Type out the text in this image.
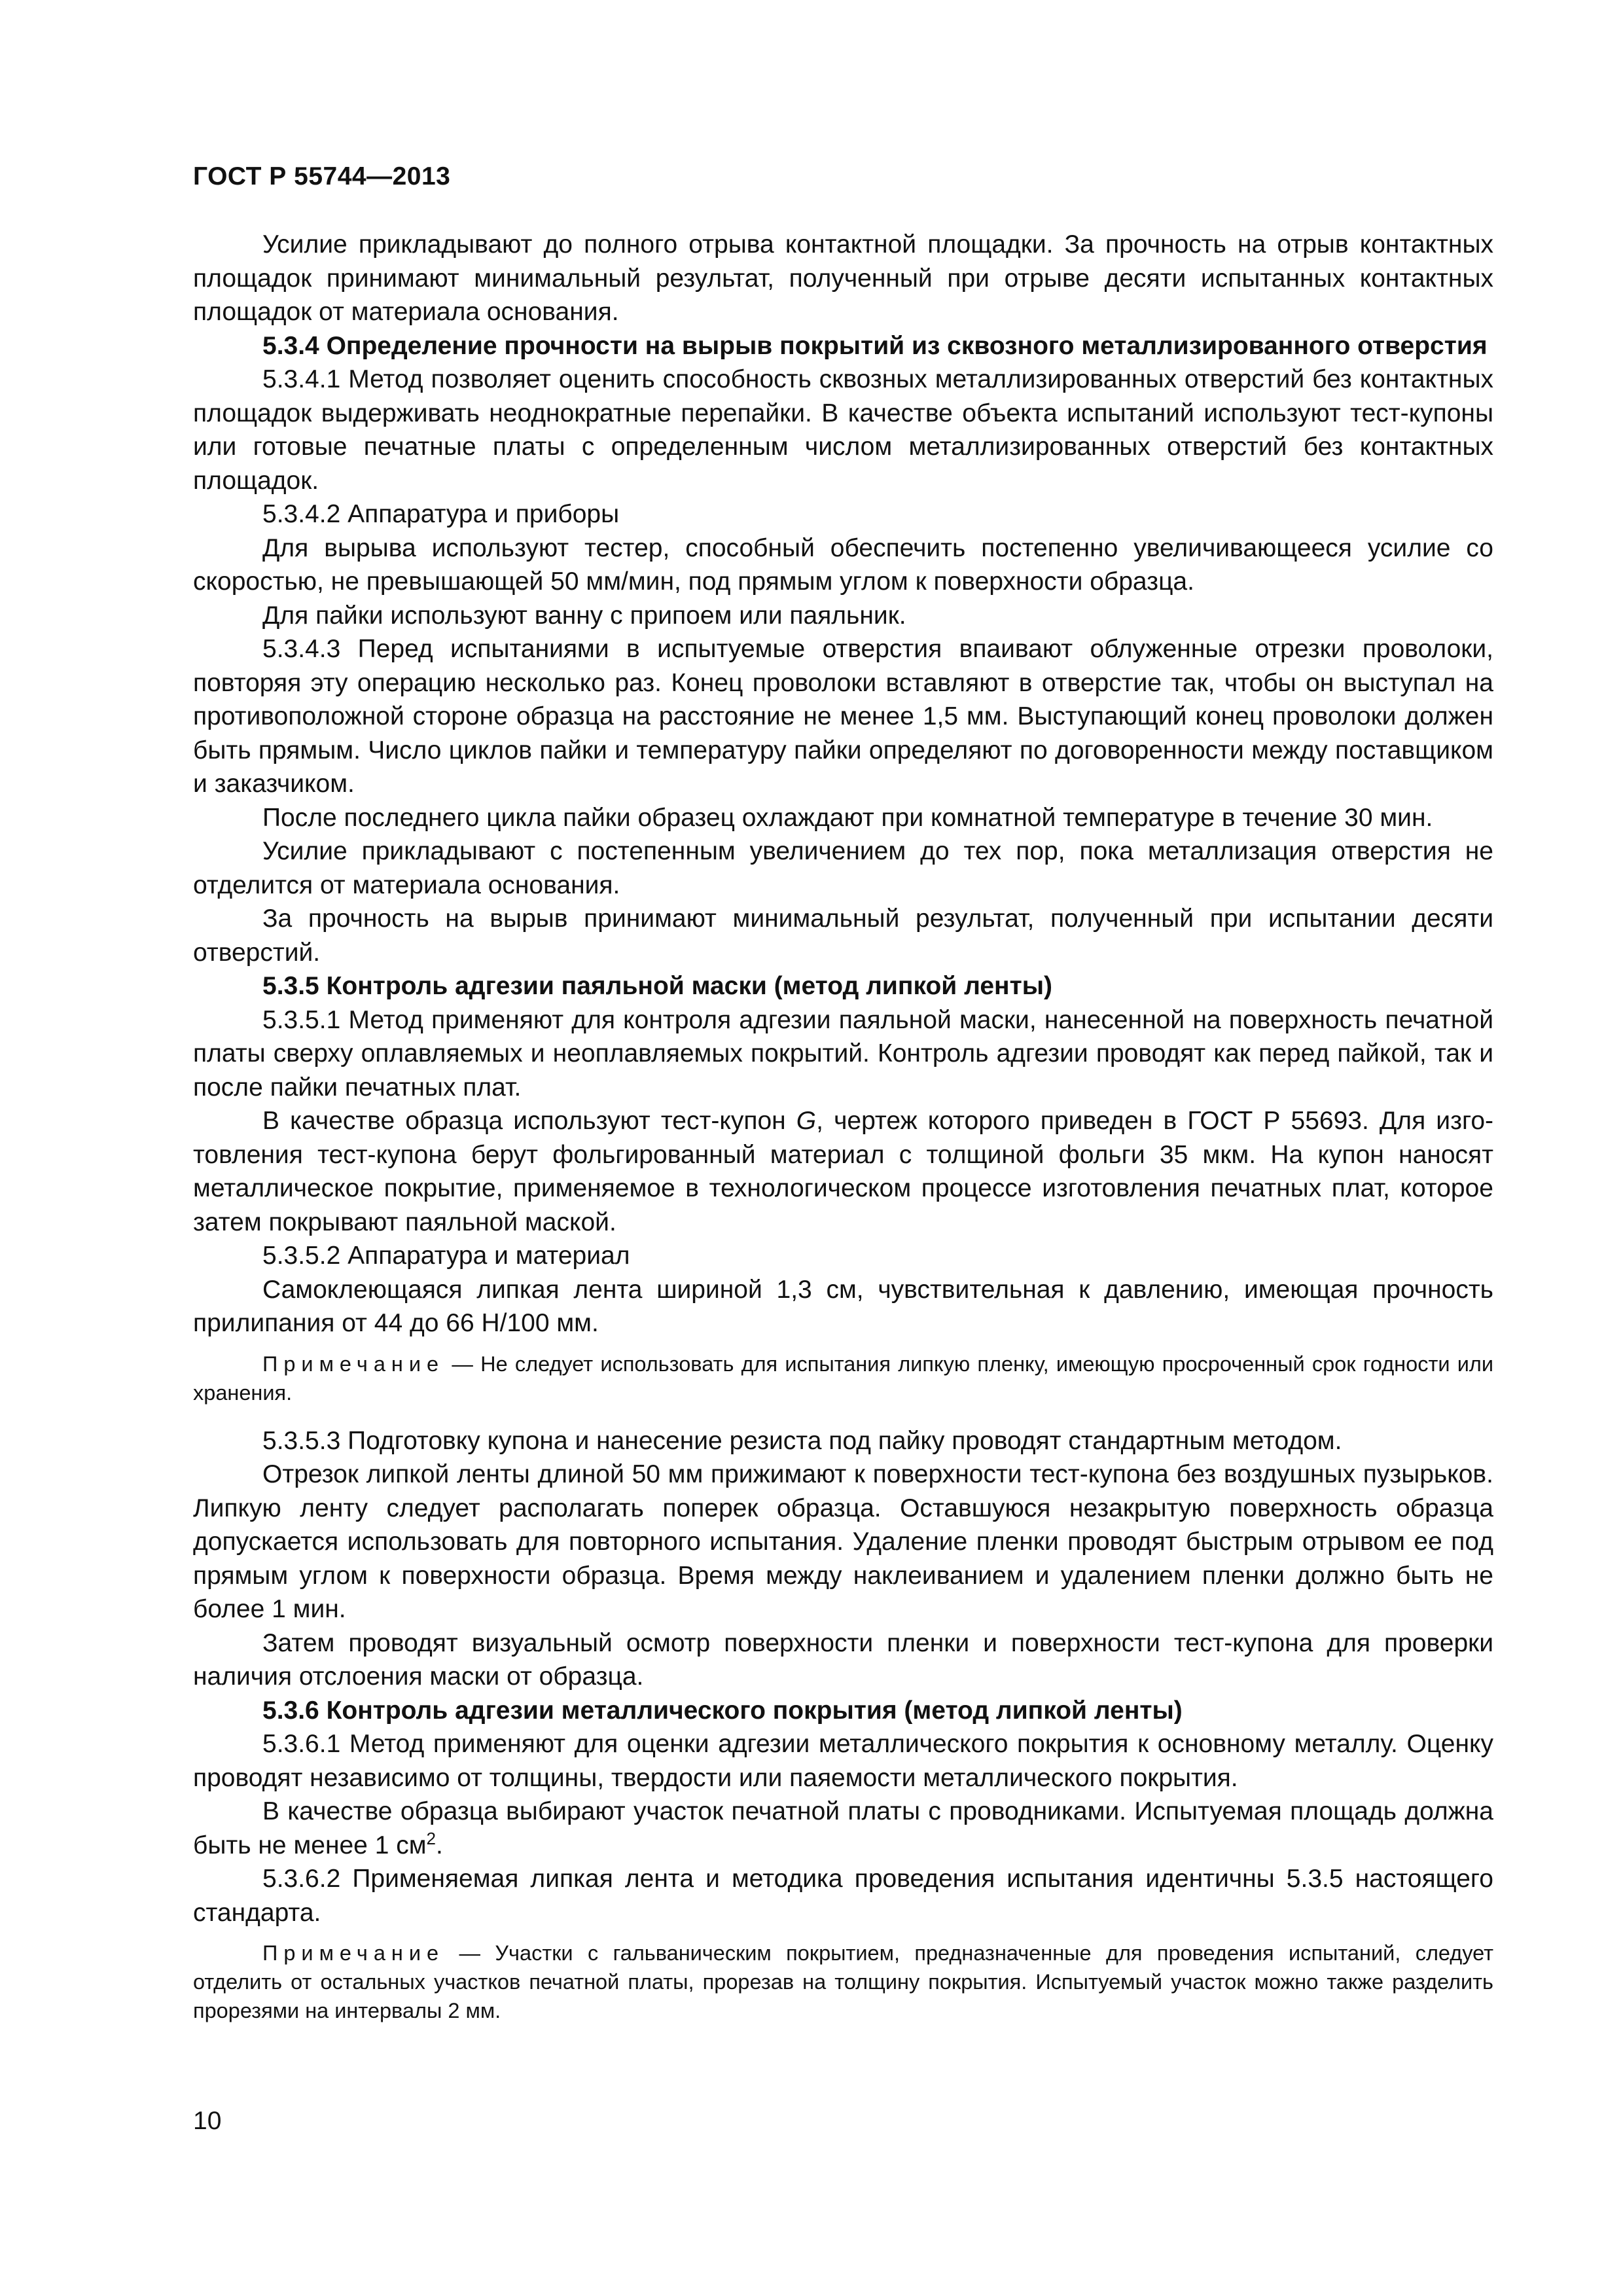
ГОСТ Р 55744—2013

Усилие прикладывают до полного отрыва контактной площадки. За прочность на отрыв контактных площадок принимают минимальный результат, полученный при отрыве десяти испытанных контактных площадок от материала основания.

5.3.4 Определение прочности на вырыв покрытий из сквозного металлизированного отверстия

5.3.4.1 Метод позволяет оценить способность сквозных металлизированных отверстий без контактных площадок выдерживать неоднократные перепайки. В качестве объекта испытаний используют тест-купоны или готовые печатные платы с определенным числом металлизированных отверстий без контактных площадок.

5.3.4.2 Аппаратура и приборы

Для вырыва используют тестер, способный обеспечить постепенно увеличивающееся усилие со скоростью, не превышающей 50 мм/мин, под прямым углом к поверхности образца.

Для пайки используют ванну с припоем или паяльник.

5.3.4.3 Перед испытаниями в испытуемые отверстия впаивают облуженные отрезки проволоки, повторяя эту операцию несколько раз. Конец проволоки вставляют в отверстие так, чтобы он выступал на противоположной стороне образца на расстояние не менее 1,5 мм. Выступающий конец проволоки должен быть прямым. Число циклов пайки и температуру пайки определяют по договоренности между поставщиком и заказчиком.

После последнего цикла пайки образец охлаждают при комнатной температуре в течение 30 мин.

Усилие прикладывают с постепенным увеличением до тех пор, пока металлизация отверстия не отделится от материала основания.

За прочность на вырыв принимают минимальный результат, полученный при испытании десяти отверстий.

5.3.5 Контроль адгезии паяльной маски (метод липкой ленты)

5.3.5.1 Метод применяют для контроля адгезии паяльной маски, нанесенной на поверхность печатной платы сверху оплавляемых и неоплавляемых покрытий. Контроль адгезии проводят как перед пайкой, так и после пайки печатных плат.

В качестве образца используют тест-купон G, чертеж которого приведен в ГОСТ Р 55693. Для изготовления тест-купона берут фольгированный материал с толщиной фольги 35 мкм. На купон наносят металлическое покрытие, применяемое в технологическом процессе изготовления печатных плат, которое затем покрывают паяльной маской.

5.3.5.2 Аппаратура и материал

Самоклеющаяся липкая лента шириной 1,3 см, чувствительная к давлению, имеющая прочность прилипания от 44 до 66 Н/100 мм.

Примечание — Не следует использовать для испытания липкую пленку, имеющую просроченный срок годности или хранения.

5.3.5.3 Подготовку купона и нанесение резиста под пайку проводят стандартным методом.

Отрезок липкой ленты длиной 50 мм прижимают к поверхности тест-купона без воздушных пузырьков. Липкую ленту следует располагать поперек образца. Оставшуюся незакрытую поверхность образца допускается использовать для повторного испытания. Удаление пленки проводят быстрым отрывом ее под прямым углом к поверхности образца. Время между наклеиванием и удалением пленки должно быть не более 1 мин.

Затем проводят визуальный осмотр поверхности пленки и поверхности тест-купона для проверки наличия отслоения маски от образца.

5.3.6 Контроль адгезии металлического покрытия (метод липкой ленты)

5.3.6.1 Метод применяют для оценки адгезии металлического покрытия к основному металлу. Оценку проводят независимо от толщины, твердости или паяемости металлического покрытия.

В качестве образца выбирают участок печатной платы с проводниками. Испытуемая площадь должна быть не менее 1 $см^2$.

5.3.6.2 Применяемая липкая лента и методика проведения испытания идентичны 5.3.5 настоящего стандарта.

Примечание — Участки с гальваническим покрытием, предназначенные для проведения испытаний, следует отделить от остальных участков печатной платы, прорезав на толщину покрытия. Испытуемый участок можно также разделить прорезями на интервалы 2 мм.

10
